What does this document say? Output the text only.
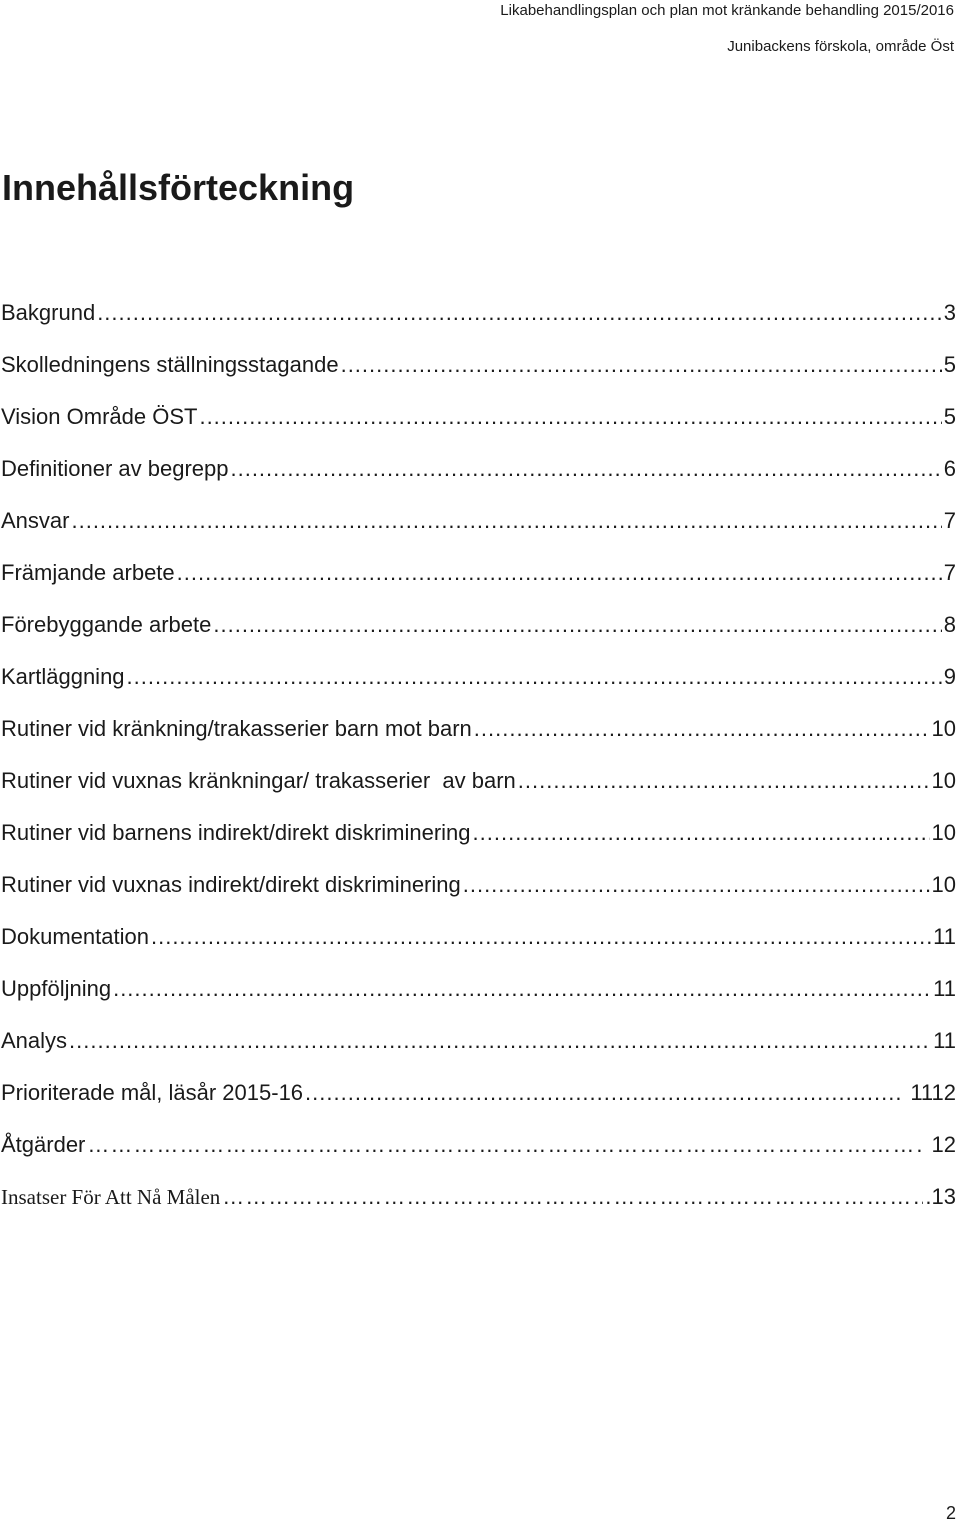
Likabehandlingsplan och plan mot kränkande behandling 2015/2016
Junibackens förskola, område Öst
Innehållsförteckning
Bakgrund .....	3
Skolledningens ställningsstagande .....	5
Vision Område ÖST .....	5
Definitioner av begrepp .....	6
Ansvar .....	7
Främjande arbete .....	7
Förebyggande arbete .....	8
Kartläggning .....	9
Rutiner vid kränkning/trakasserier barn mot barn .....	10
Rutiner vid vuxnas kränkningar/ trakasserier  av barn .....	10
Rutiner vid barnens indirekt/direkt diskriminering .....	10
Rutiner vid vuxnas indirekt/direkt diskriminering .....	10
Dokumentation .....	11
Uppföljning .....	11
Analys .....	11
Prioriterade mål, läsår 2015-16 .....	1112
Åtgärder …………………………………………………………………………………………………………………………………………………………………………………	12
Insatser För Att Nå Målen …………………………………………………………………………………………………………………………………………………………………………………	.13
2
